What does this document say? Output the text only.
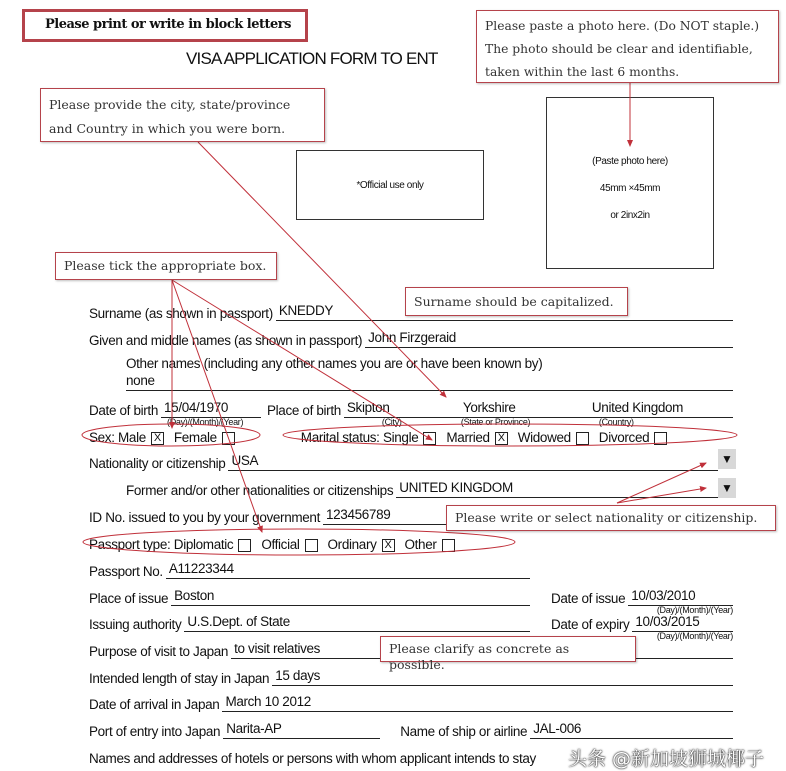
Please print or write in block letters
VISA APPLICATION FORM TO ENT
Please paste a photo here. (Do NOT staple.)
The photo should be clear and identifiable,
taken within the last 6 months.
Please provide the city, state/province
and Country in which you were born.
*Official use only
(Paste photo here)
45mm ×45mm
or 2inx2in
Please tick the appropriate box.
Surname should be capitalized.
Please write or select nationality or citizenship.
Please clarify as concrete as possible.
Surname (as shown in passport) KNEDDY
Given and middle names (as shown in passport) John Firzgeraid
Other names (including any other names you are or have been known by)
none
Date of birth 15/04/1970
(Day)/(Month)/(Year)
Place of birth Skipton	Yorkshire	United Kingdom
(City)	(State or Province)	(Country)
Sex: Male X Female	Marital status: Single Married X Widowed Divorced
Nationality or citizenship USA	▼
Former and/or other nationalities or citizenships UNITED KINGDOM	▼
ID No. issued to you by your government 123456789
Passport type: Diplomatic Official Ordinary X Other
Passport No. A11223344
Place of issue Boston	Date of issue 10/03/2010
(Day)/(Month)/(Year)
Issuing authority U.S.Dept. of State	Date of expiry 10/03/2015
(Day)/(Month)/(Year)
Purpose of visit to Japan to visit relatives
Intended length of stay in Japan 15 days
Date of arrival in Japan March 10 2012
Port of entry into Japan Narita-AP	Name of ship or airline JAL-006
Names and addresses of hotels or persons with whom applicant intends to stay 头条 @新加坡狮城椰子
